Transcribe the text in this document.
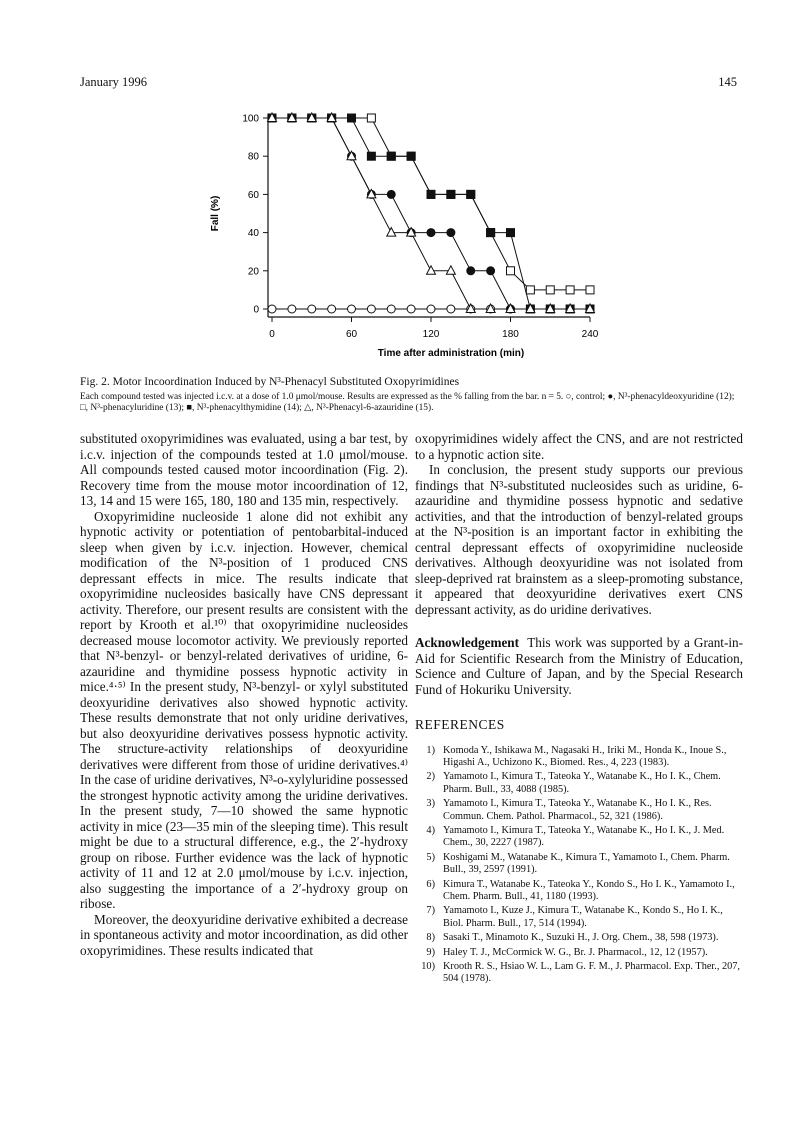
January 1996	145
0	60	120	180	240
0
20
40
60
80
100
Time after administration (min)
Fall (%)
Fig. 2. Motor Incoordination Induced by N³-Phenacyl Substituted Oxopyrimidines
Each compound tested was injected i.c.v. at a dose of 1.0 μmol/mouse. Results are expressed as the % falling from the bar. n = 5. ○, control; ●, N³-phenacyldeoxyuridine (12); □, N³-phenacyluridine (13); ■, N³-phenacylthymidine (14); △, N³-Phenacyl-6-azauridine (15).

substituted oxopyrimidines was evaluated, using a bar test, by i.c.v. injection of the compounds tested at 1.0 μmol/mouse. All compounds tested caused motor incoordination (Fig. 2). Recovery time from the mouse motor incoordination of 12, 13, 14 and 15 were 165, 180, 180 and 135 min, respectively.

Oxopyrimidine nucleoside 1 alone did not exhibit any hypnotic activity or potentiation of pentobarbital-induced sleep when given by i.c.v. injection. However, chemical modification of the N³-position of 1 produced CNS depressant effects in mice. The results indicate that oxopyrimidine nucleosides basically have CNS depressant activity. Therefore, our present results are consistent with the report by Krooth et al.¹⁰⁾ that oxopyrimidine nucleosides decreased mouse locomotor activity. We previously reported that N³-benzyl- or benzyl-related derivatives of uridine, 6-azauridine and thymidine possess hypnotic activity in mice.⁴·⁵⁾ In the present study, N³-benzyl- or xylyl substituted deoxyuridine derivatives also showed hypnotic activity. These results demonstrate that not only uridine derivatives, but also deoxyuridine derivatives possess hypnotic activity. The structure-activity relationships of deoxyuridine derivatives were different from those of uridine derivatives.⁴⁾ In the case of uridine derivatives, N³-o-xylyluridine possessed the strongest hypnotic activity among the uridine derivatives. In the present study, 7—10 showed the same hypnotic activity in mice (23—35 min of the sleeping time). This result might be due to a structural difference, e.g., the 2′-hydroxy group on ribose. Further evidence was the lack of hypnotic activity of 11 and 12 at 2.0 μmol/mouse by i.c.v. injection, also suggesting the importance of a 2′-hydroxy group on ribose.

Moreover, the deoxyuridine derivative exhibited a decrease in spontaneous activity and motor incoordination, as did other oxopyrimidines. These results indicated that

oxopyrimidines widely affect the CNS, and are not restricted to a hypnotic action site.

In conclusion, the present study supports our previous findings that N³-substituted nucleosides such as uridine, 6-azauridine and thymidine possess hypnotic and sedative activities, and that the introduction of benzyl-related groups at the N³-position is an important factor in exhibiting the central depressant effects of oxopyrimidine nucleoside derivatives. Although deoxyuridine was not isolated from sleep-deprived rat brainstem as a sleep-promoting substance, it appeared that deoxyuridine derivatives exert CNS depressant activity, as do uridine derivatives.

Acknowledgement This work was supported by a Grant-in-Aid for Scientific Research from the Ministry of Education, Science and Culture of Japan, and by the Special Research Fund of Hokuriku University.

REFERENCES
1) Komoda Y., Ishikawa M., Nagasaki H., Iriki M., Honda K., Inoue S., Higashi A., Uchizono K., Biomed. Res., 4, 223 (1983).
2) Yamamoto I., Kimura T., Tateoka Y., Watanabe K., Ho I. K., Chem. Pharm. Bull., 33, 4088 (1985).
3) Yamamoto I., Kimura T., Tateoka Y., Watanabe K., Ho I. K., Res. Commun. Chem. Pathol. Pharmacol., 52, 321 (1986).
4) Yamamoto I., Kimura T., Tateoka Y., Watanabe K., Ho I. K., J. Med. Chem., 30, 2227 (1987).
5) Koshigami M., Watanabe K., Kimura T., Yamamoto I., Chem. Pharm. Bull., 39, 2597 (1991).
6) Kimura T., Watanabe K., Tateoka Y., Kondo S., Ho I. K., Yamamoto I., Chem. Pharm. Bull., 41, 1180 (1993).
7) Yamamoto I., Kuze J., Kimura T., Watanabe K., Kondo S., Ho I. K., Biol. Pharm. Bull., 17, 514 (1994).
8) Sasaki T., Minamoto K., Suzuki H., J. Org. Chem., 38, 598 (1973).
9) Haley T. J., McCormick W. G., Br. J. Pharmacol., 12, 12 (1957).
10) Krooth R. S., Hsiao W. L., Lam G. F. M., J. Pharmacol. Exp. Ther., 207, 504 (1978).
